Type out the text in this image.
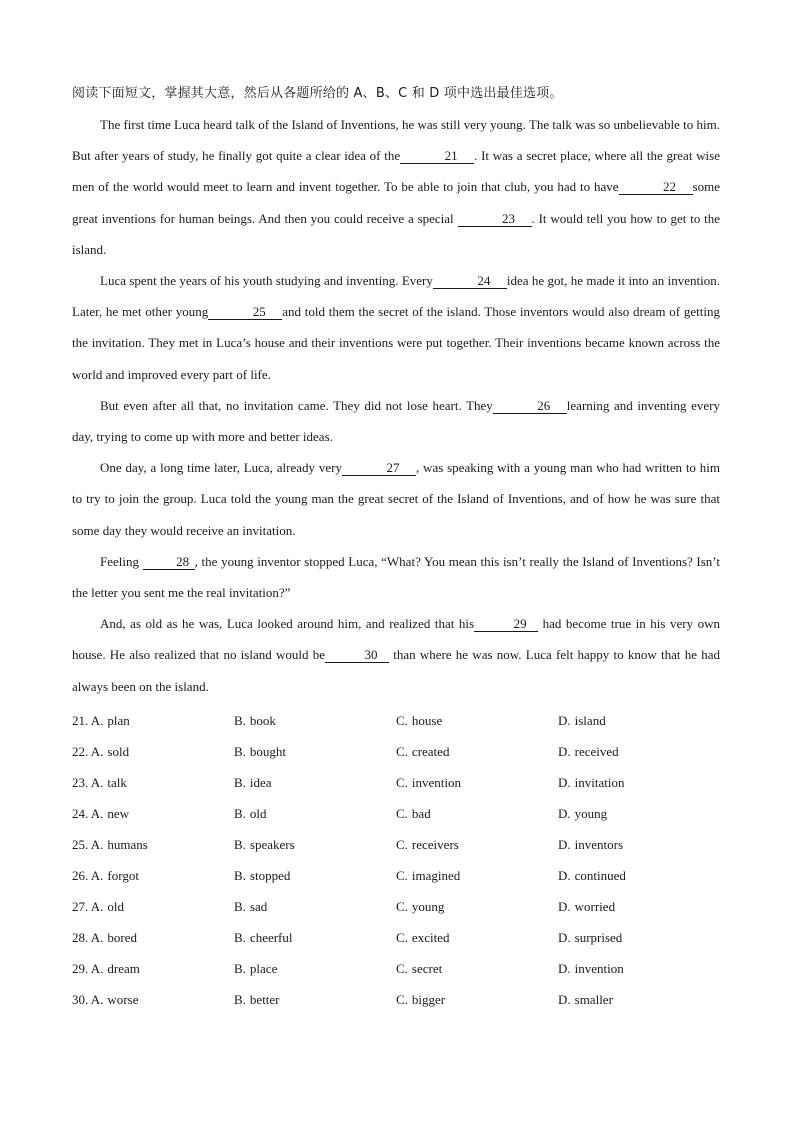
阅读下面短文，掌握其大意，然后从各题所给的 A、B、C 和 D 项中选出最佳选项。

The first time Luca heard talk of the Island of Inventions, he was still very young. The talk was so unbelievable to him. But after years of study, he finally got quite a clear idea of the	21 . It was a secret place, where all the great wise men of the world would meet to learn and invent together. To be able to join that club, you had to have	22 some great inventions for human beings. And then you could receive a special	23 . It would tell you how to get to the island.

Luca spent the years of his youth studying and inventing. Every	24 idea he got, he made it into an invention. Later, he met other young	25 and told them the secret of the island. Those inventors would also dream of getting the invitation. They met in Luca’s house and their inventions were put together. Their inventions became known across the world and improved every part of life.

But even after all that, no invitation came. They did not lose heart. They	26 learning and inventing every day, trying to come up with more and better ideas.

One day, a long time later, Luca, already very	27 , was speaking with a young man who had written to him to try to join the group. Luca told the young man the great secret of the Island of Inventions, and of how he was sure that some day they would receive an invitation.

Feeling	28 , the young inventor stopped Luca, “What? You mean this isn’t really the Island of Inventions? Isn’t the letter you sent me the real invitation?”

And, as old as he was, Luca looked around him, and realized that his	29 had become true in his very own house. He also realized that no island would be	30 than where he was now. Luca felt happy to know that he had always been on the island.

21. A. plan	B. book	C. house	D. island
22. A. sold	B. bought	C. created	D. received
23. A. talk	B. idea	C. invention	D. invitation
24. A. new	B. old	C. bad	D. young
25. A. humans	B. speakers	C. receivers	D. inventors
26. A. forgot	B. stopped	C. imagined	D. continued
27. A. old	B. sad	C. young	D. worried
28. A. bored	B. cheerful	C. excited	D. surprised
29. A. dream	B. place	C. secret	D. invention
30. A. worse	B. better	C. bigger	D. smaller
